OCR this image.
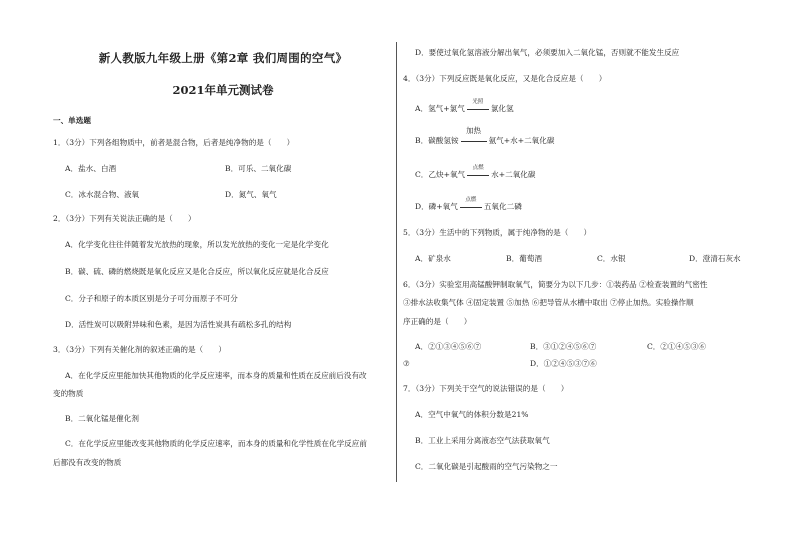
新人教版九年级上册《第2章 我们周围的空气》
2021年单元测试卷
一、单选题
1．（3分）下列各组物质中，前者是混合物，后者是纯净物的是（　　）
A．盐水、白酒	B．可乐、二氧化碳
C．冰水混合物、液氧	D．氮气、氧气
2．（3分）下列有关说法正确的是（　　）
A．化学变化往往伴随着发光放热的现象，所以发光放热的变化一定是化学变化
B．碳、硫、磷的燃烧既是氧化反应又是化合反应，所以氧化反应就是化合反应
C．分子和原子的本质区别是分子可分而原子不可分
D．活性炭可以吸附异味和色素，是因为活性炭具有疏松多孔的结构
3．（3分）下列有关催化剂的叙述正确的是（　　）
A．在化学反应里能加快其他物质的化学反应速率，而本身的质量和性质在反应前后没有改
变的物质
B．二氧化锰是催化剂
C．在化学反应里能改变其他物质的化学反应速率，而本身的质量和化学性质在化学反应前
后都没有改变的物质
D．要使过氧化氢溶液分解出氧气，必须要加入二氧化锰，否则就不能发生反应
4．（3分）下列反应既是氧化反应，又是化合反应是（　　）
A．氢气+氯气
光照
氯化氢
B．碳酸氢铵
加热
氨气+水+二氧化碳
C．乙炔+氧气
点燃
水+二氧化碳
D．磷+氧气
点燃
五氧化二磷
5．（3分）生活中的下列物质，属于纯净物的是（　　）
A．矿泉水	B．葡萄酒	C．水银	D．澄清石灰水
6．（3分）实验室用高锰酸钾制取氧气，简要分为以下几步：①装药品 ②检查装置的气密性
③排水法收集气体 ④固定装置 ⑤加热 ⑥把导管从水槽中取出 ⑦停止加热。实验操作顺
序正确的是（　　）
A．②①③④⑤⑥⑦	B．③①②④⑤⑥⑦	C．②①④⑤③⑥
⑦	D．①②④⑤③⑦⑥
7．（3分）下列关于空气的说法错误的是（　　）
A．空气中氧气的体积分数是21%
B．工业上采用分离液态空气法获取氧气
C．二氧化碳是引起酸雨的空气污染物之一
